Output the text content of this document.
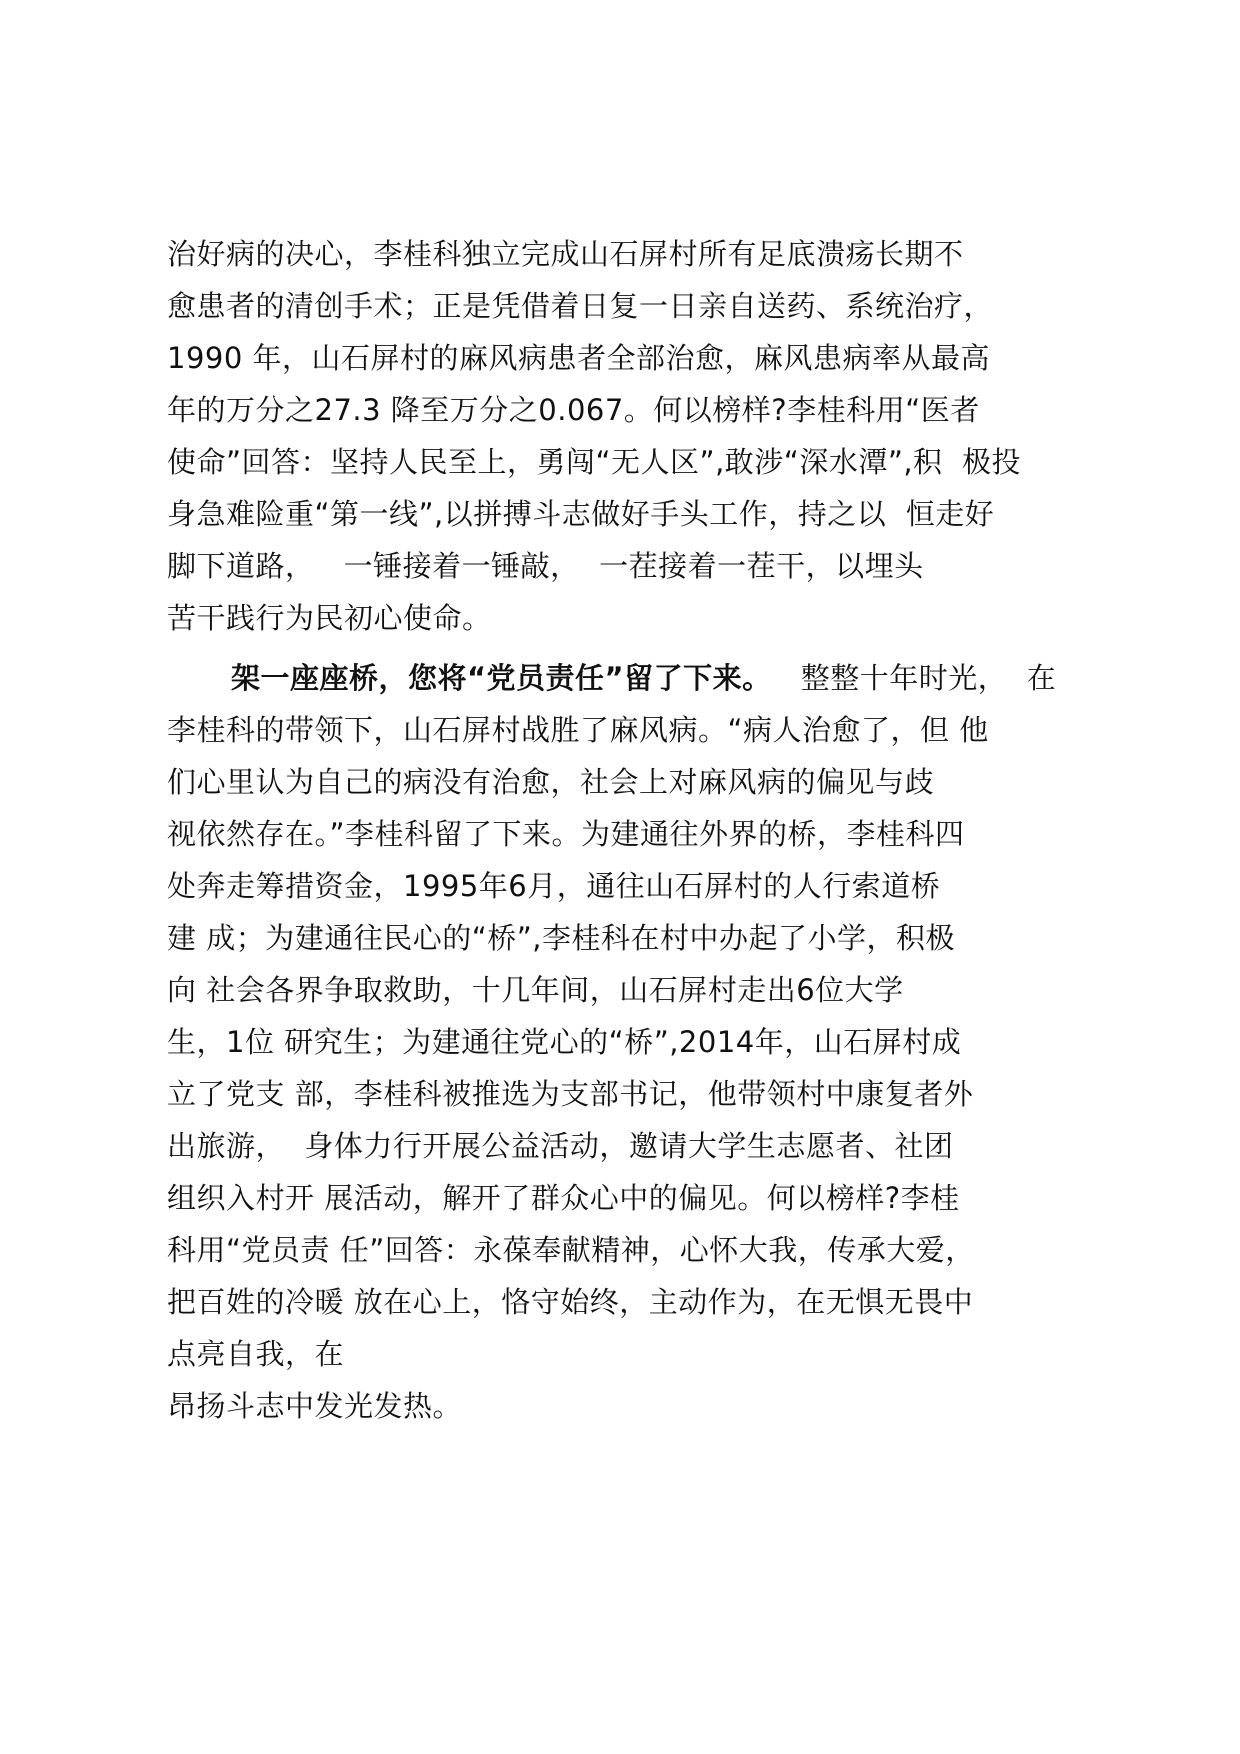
治好病的决心，李桂科独立完成山石屏村所有足底溃疡长期不
愈患者的清创手术；正是凭借着日复一日亲自送药、系统治疗，
1990 年，山石屏村的麻风病患者全部治愈，麻风患病率从最高
年的万分之27.3 降至万分之0.067。何以榜样?李桂科用“医者
使命”回答：坚持人民至上，勇闯“无人区”,敢涉“深水潭”,积  极投
身急难险重“第一线”,以拼搏斗志做好手头工作，持之以  恒走好
脚下道路，   一锤接着一锤敲，  一茬接着一茬干，以埋头
苦干践行为民初心使命。
架一座座桥，您将“党员责任”留了下来。   整整十年时光，  在
李桂科的带领下，山石屏村战胜了麻风病。“病人治愈了，但 他
们心里认为自己的病没有治愈，社会上对麻风病的偏见与歧
视依然存在。”李桂科留了下来。为建通往外界的桥，李桂科四
处奔走筹措资金，1995年6月，通往山石屏村的人行索道桥
建 成；为建通往民心的“桥”,李桂科在村中办起了小学，积极
向 社会各界争取救助，十几年间，山石屏村走出6位大学
生，1位 研究生；为建通往党心的“桥”,2014年，山石屏村成
立了党支 部，李桂科被推选为支部书记，他带领村中康复者外
出旅游，  身体力行开展公益活动，邀请大学生志愿者、社团
组织入村开 展活动，解开了群众心中的偏见。何以榜样?李桂
科用“党员责 任”回答：永葆奉献精神，心怀大我，传承大爱，
把百姓的冷暖 放在心上，恪守始终，主动作为，在无惧无畏中
点亮自我，在
昂扬斗志中发光发热。
